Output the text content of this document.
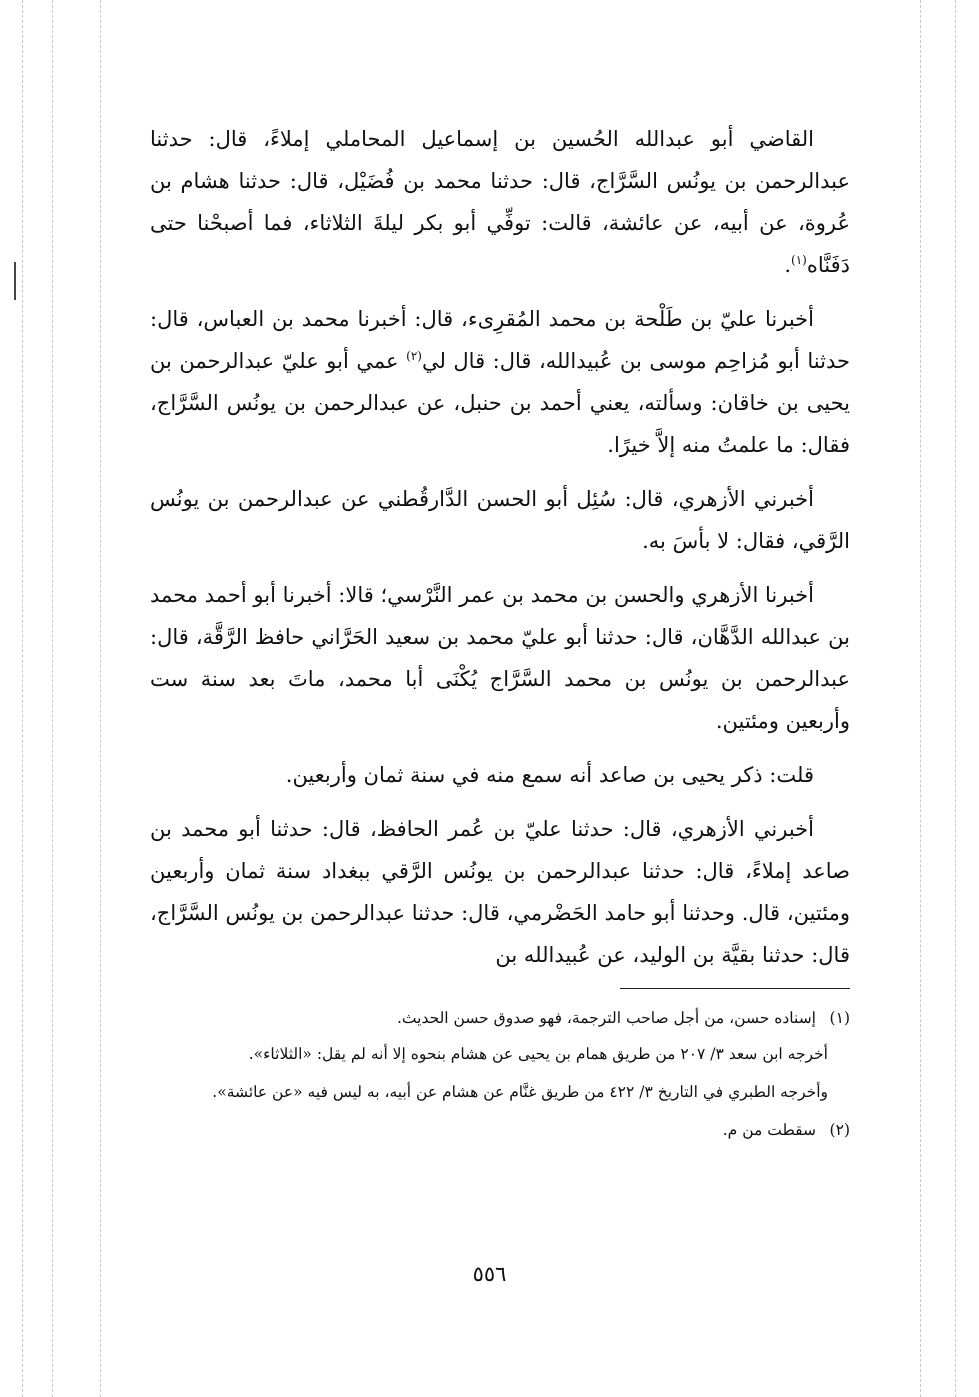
القاضي أبو عبدالله الحُسين بن إسماعيل المحاملي إملاءً، قال: حدثنا عبدالرحمن بن يونُس السَّرَّاج، قال: حدثنا محمد بن فُضَيْل، قال: حدثنا هشام بن عُروة، عن أبيه، عن عائشة، قالت: توفِّي أبو بكر ليلةَ الثلاثاء، فما أصبحْنا حتى دَفَنَّاه$^{(١)}$.

أخبرنا عليّ بن طَلْحة بن محمد المُقرِىء، قال: أخبرنا محمد بن العباس، قال: حدثنا أبو مُزاحِم موسى بن عُبيدالله، قال: قال لي$^{(٢)}$ عمي أبو عليّ عبدالرحمن بن يحيى بن خاقان: وسألته، يعني أحمد بن حنبل، عن عبدالرحمن بن يونُس السَّرَّاج، فقال: ما علمتُ منه إلاَّ خيرًا.

أخبرني الأزهري، قال: سُئِل أبو الحسن الدَّارقُطني عن عبدالرحمن بن يونُس الرَّقي، فقال: لا بأسَ به.

أخبرنا الأزهري والحسن بن محمد بن عمر النَّرْسي؛ قالا: أخبرنا أبو أحمد محمد بن عبدالله الدَّهَّان، قال: حدثنا أبو عليّ محمد بن سعيد الحَرَّاني حافظ الرَّقَّة، قال: عبدالرحمن بن يونُس بن محمد السَّرَّاج يُكْنَى أبا محمد، ماتَ بعد سنة ست وأربعين ومئتين.

قلت: ذكر يحيى بن صاعد أنه سمع منه في سنة ثمان وأربعين.

أخبرني الأزهري، قال: حدثنا عليّ بن عُمر الحافظ، قال: حدثنا أبو محمد بن صاعد إملاءً، قال: حدثنا عبدالرحمن بن يونُس الرَّقي ببغداد سنة ثمان وأربعين ومئتين، قال. وحدثنا أبو حامد الحَضْرمي، قال: حدثنا عبدالرحمن بن يونُس السَّرَّاج، قال: حدثنا بقيَّة بن الوليد، عن عُبيدالله بن

(١)إسناده حسن، من أجل صاحب الترجمة، فهو صدوق حسن الحديث.

أخرجه ابن سعد ٣/ ٢٠٧ من طريق همام بن يحيى عن هشام بنحوه إلا أنه لم يقل: «الثلاثاء».

وأخرجه الطبري في التاريخ ٣/ ٤٢٢ من طريق غنَّام عن هشام عن أبيه، به ليس فيه «عن عائشة».

(٢)سقطت من م.

٥٥٦
